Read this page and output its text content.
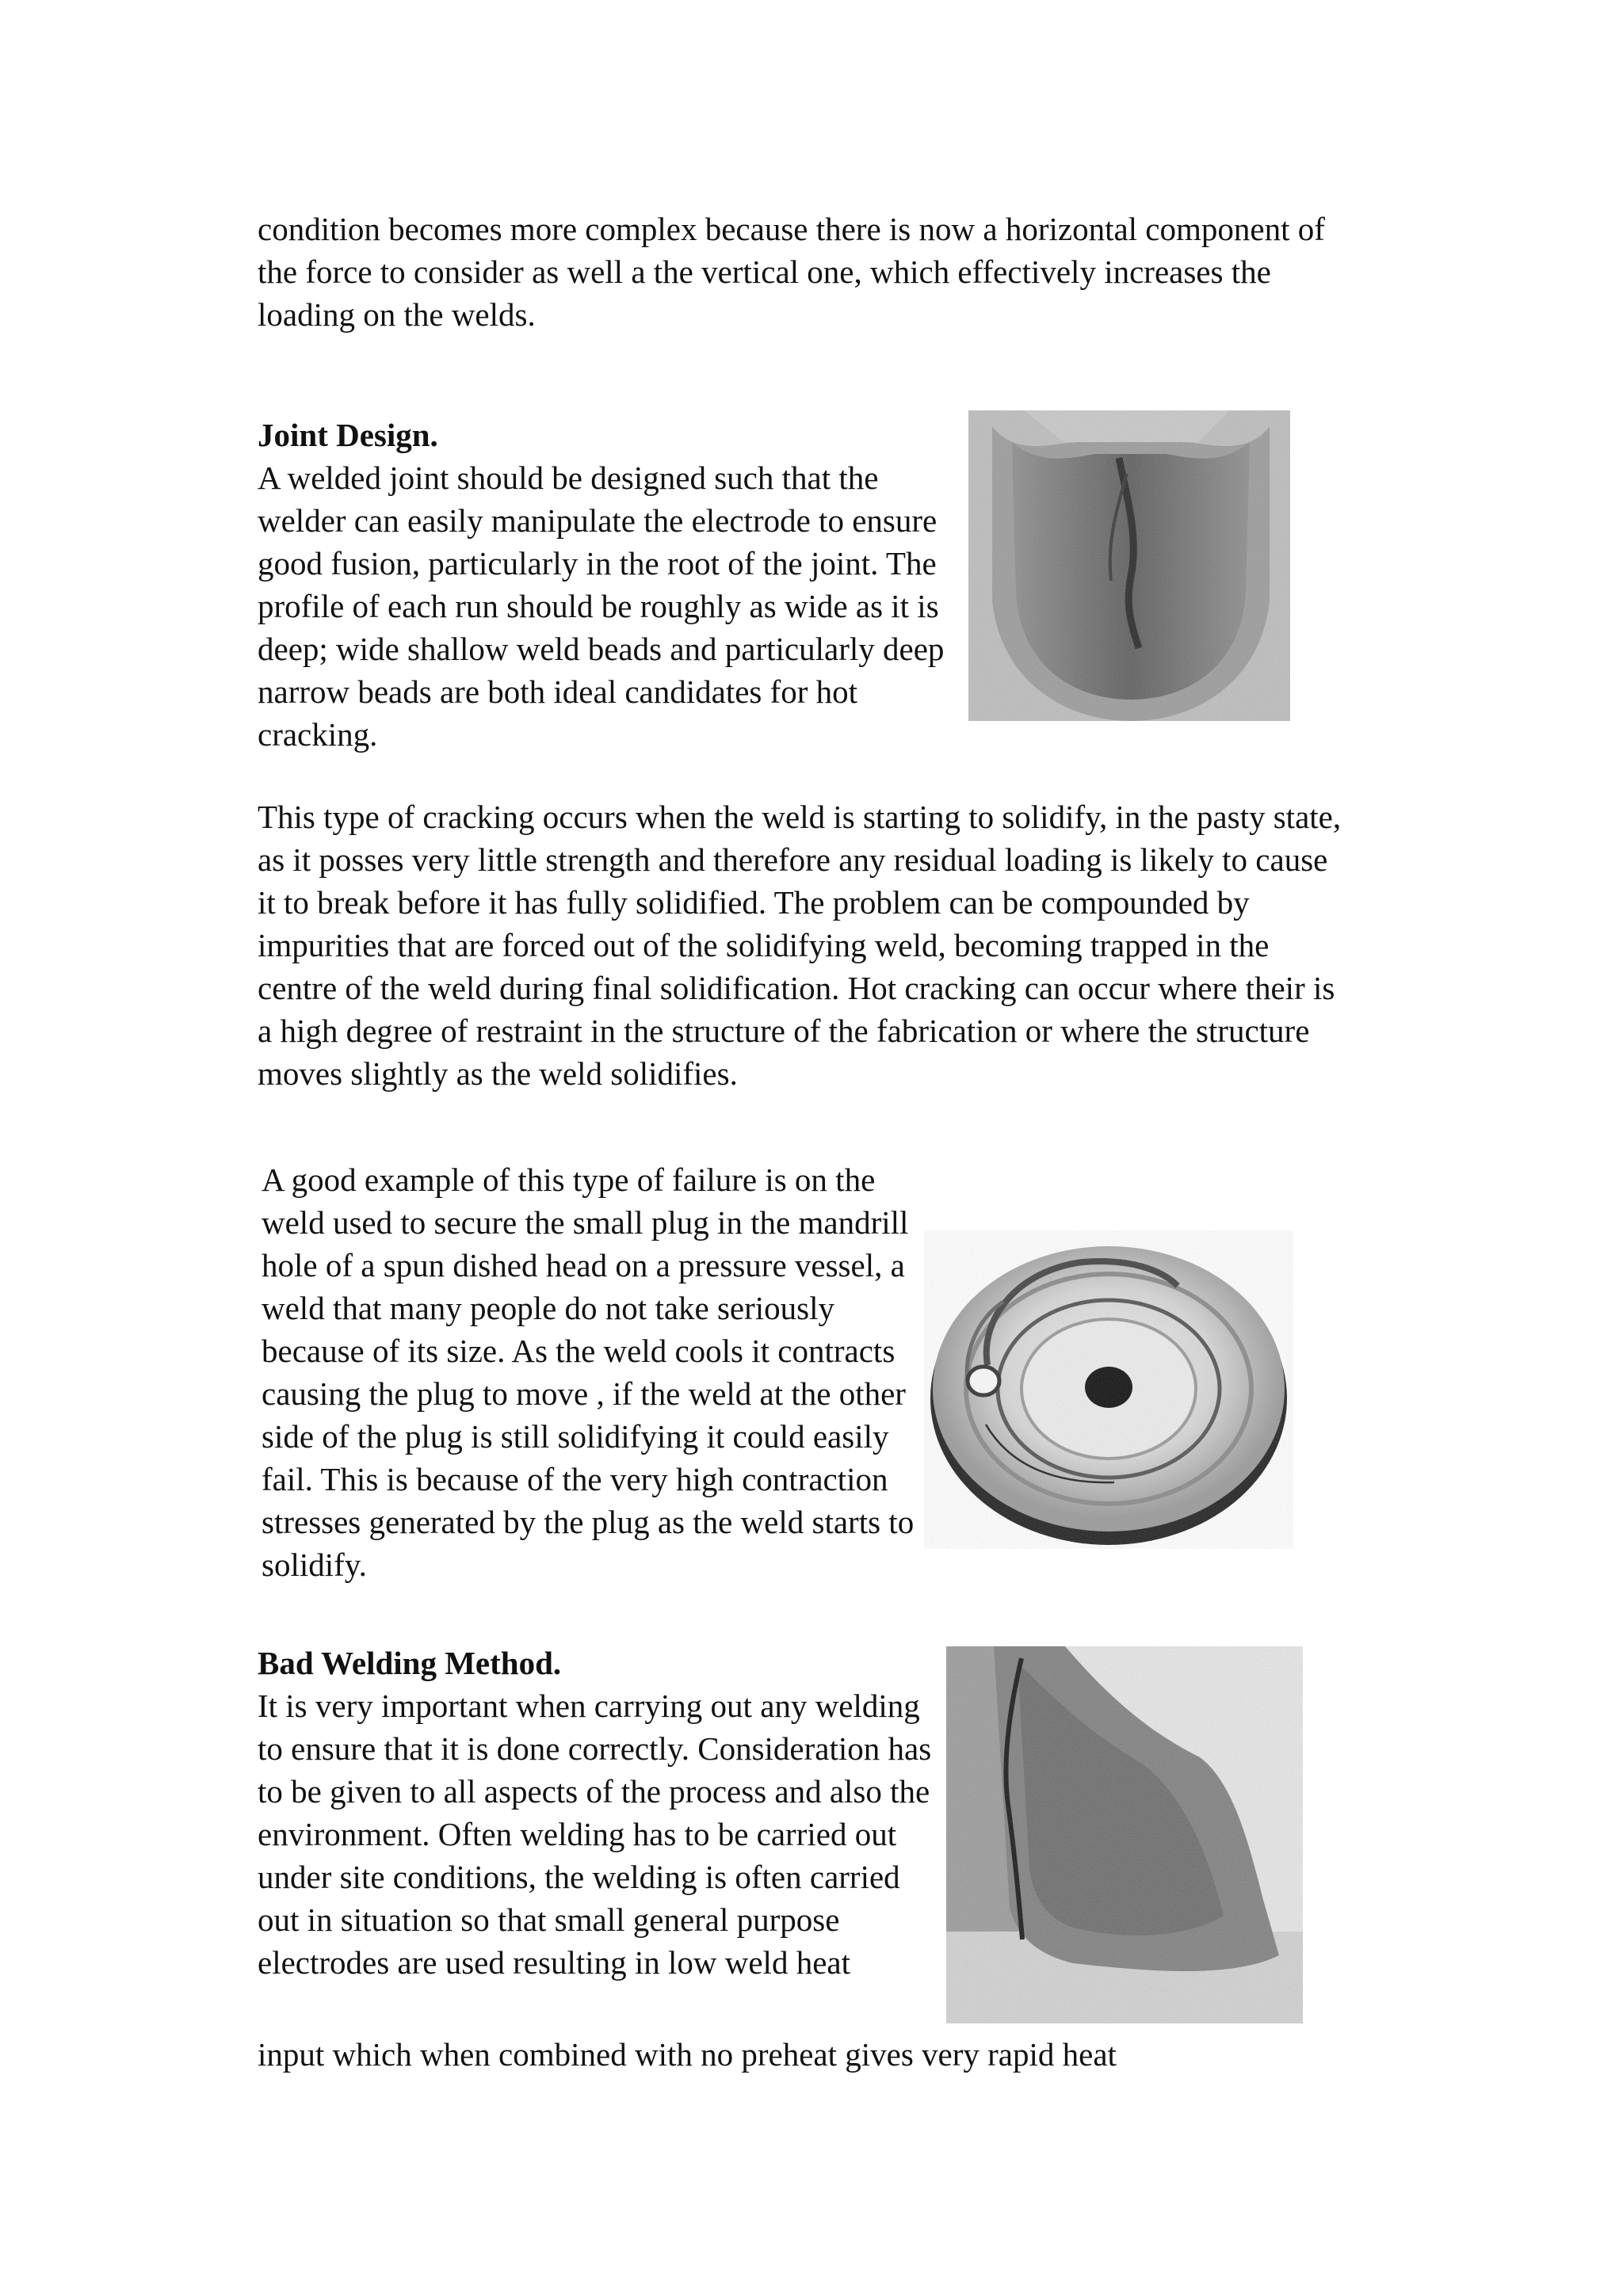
condition becomes more complex because there is now a horizontal component of the force to consider as well a the vertical one, which effectively increases the loading on the welds.

Joint Design.

A welded joint should be designed such that the welder can easily manipulate the electrode to ensure good fusion, particularly in the root of the joint. The profile of each run should be roughly as wide as it is deep; wide shallow weld beads and particularly deep narrow beads are both ideal candidates for hot cracking.

This type of cracking occurs when the weld is starting to solidify, in the pasty state, as it posses very little strength and therefore any residual loading is likely to cause it to break before it has fully solidified. The problem can be compounded by impurities that are forced out of the solidifying weld, becoming trapped in the centre of the weld during final solidification. Hot cracking can occur where their is a high degree of restraint in the structure of the fabrication or where the structure moves slightly as the weld solidifies.

A good example of this type of failure is on the weld used to secure the small plug in the mandrill hole of a spun dished head on a pressure vessel, a weld that many people do not take seriously because of its size. As the weld cools it contracts causing the plug to move , if the weld at the other side of the plug is still solidifying it could easily fail. This is because of the very high contraction stresses generated by the plug as the weld starts to solidify.

Bad Welding Method.

It is very important when carrying out any welding to ensure that it is done correctly. Consideration has to be given to all aspects of the process and also the environment. Often welding has to be carried out under site conditions, the welding is often carried out in situation so that small general purpose electrodes are used resulting in low weld heat

input which when combined with no preheat gives very rapid heat
